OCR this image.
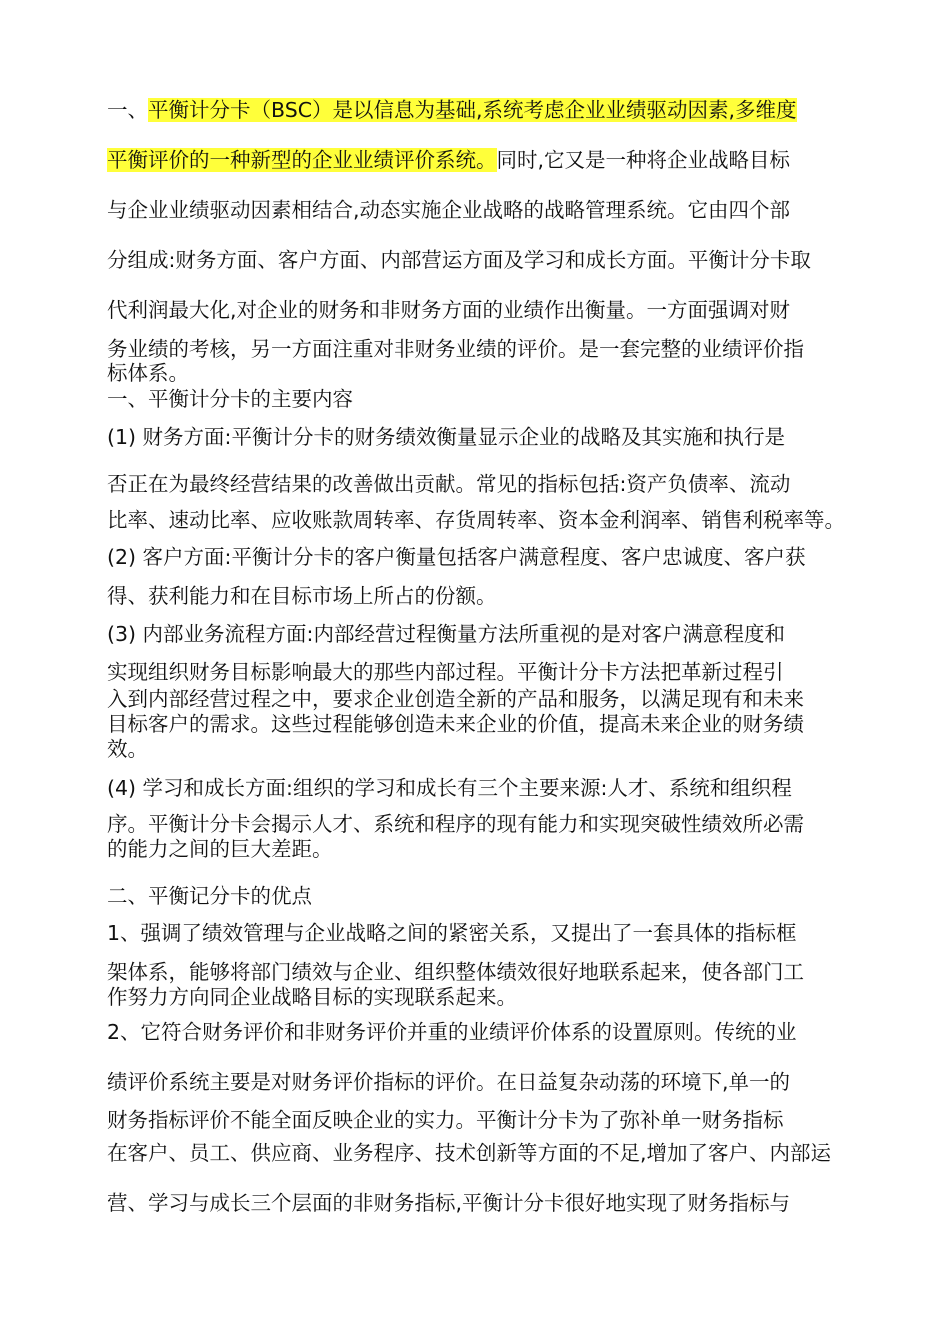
一、平衡计分卡（BSC）是以信息为基础,系统考虑企业业绩驱动因素,多维度

平衡评价的一种新型的企业业绩评价系统。同时,它又是一种将企业战略目标

与企业业绩驱动因素相结合,动态实施企业战略的战略管理系统。它由四个部

分组成:财务方面、客户方面、内部营运方面及学习和成长方面。平衡计分卡取

代利润最大化,对企业的财务和非财务方面的业绩作出衡量。一方面强调对财

务业绩的考核，另一方面注重对非财务业绩的评价。是一套完整的业绩评价指

标体系。

一、平衡计分卡的主要内容

(1) 财务方面:平衡计分卡的财务绩效衡量显示企业的战略及其实施和执行是

否正在为最终经营结果的改善做出贡献。常见的指标包括:资产负债率、流动

比率、速动比率、应收账款周转率、存货周转率、资本金利润率、销售利税率等。

(2) 客户方面:平衡计分卡的客户衡量包括客户满意程度、客户忠诚度、客户获

得、获利能力和在目标市场上所占的份额。

(3) 内部业务流程方面:内部经营过程衡量方法所重视的是对客户满意程度和

实现组织财务目标影响最大的那些内部过程。平衡计分卡方法把革新过程引

入到内部经营过程之中，要求企业创造全新的产品和服务，以满足现有和未来

目标客户的需求。这些过程能够创造未来企业的价值，提高未来企业的财务绩

效。

(4) 学习和成长方面:组织的学习和成长有三个主要来源:人才、系统和组织程

序。平衡计分卡会揭示人才、系统和程序的现有能力和实现突破性绩效所必需

的能力之间的巨大差距。

二、平衡记分卡的优点

1、强调了绩效管理与企业战略之间的紧密关系，又提出了一套具体的指标框

架体系，能够将部门绩效与企业、组织整体绩效很好地联系起来，使各部门工

作努力方向同企业战略目标的实现联系起来。

2、它符合财务评价和非财务评价并重的业绩评价体系的设置原则。传统的业

绩评价系统主要是对财务评价指标的评价。在日益复杂动荡的环境下,单一的

财务指标评价不能全面反映企业的实力。平衡计分卡为了弥补单一财务指标

在客户、员工、供应商、业务程序、技术创新等方面的不足,增加了客户、内部运

营、学习与成长三个层面的非财务指标,平衡计分卡很好地实现了财务指标与
